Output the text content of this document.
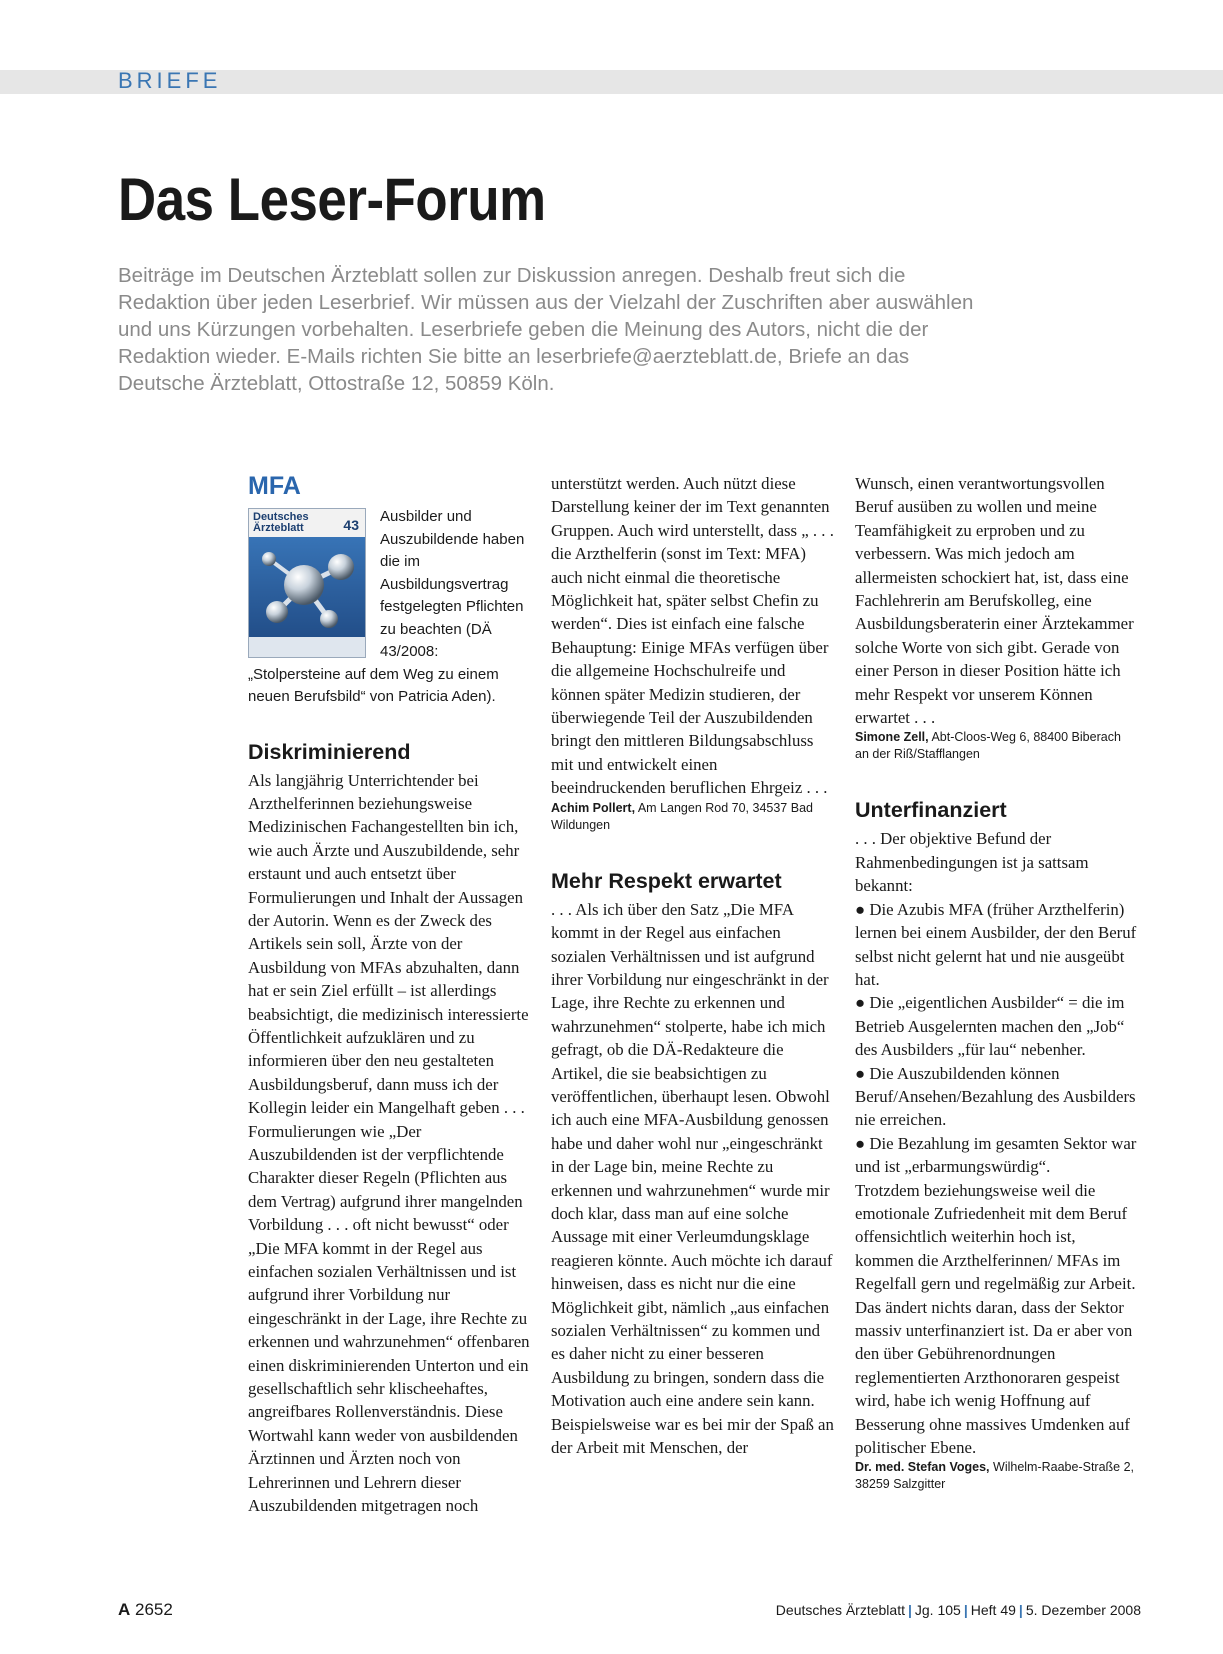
BRIEFE
Das Leser-Forum

Beiträge im Deutschen Ärzteblatt sollen zur Diskussion anregen. Deshalb freut sich die Redaktion über jeden Leserbrief. Wir müssen aus der Vielzahl der Zuschriften aber auswählen und uns Kürzungen vorbehalten. Leserbriefe geben die Meinung des Autors, nicht die der Redaktion wieder. E-Mails richten Sie bitte an leserbriefe@aerzteblatt.de, Briefe an das Deutsche Ärzteblatt, Ottostraße 12, 50859 Köln.

MFA
Deutsches Ärzteblatt	43	Ausbilder und Auszubildende haben die im Ausbildungsvertrag festgelegten Pflichten zu beachten (DÄ 43/2008: „Stolpersteine auf dem Weg zu einem neuen Berufsbild“ von Patricia Aden).

Diskriminierend

Als langjährig Unterrichtender bei Arzthelferinnen beziehungsweise Medizinischen Fachangestellten bin ich, wie auch Ärzte und Auszubildende, sehr erstaunt und auch entsetzt über Formulierungen und Inhalt der Aussagen der Autorin. Wenn es der Zweck des Artikels sein soll, Ärzte von der Ausbildung von MFAs abzuhalten, dann hat er sein Ziel erfüllt – ist allerdings beabsichtigt, die medizinisch interessierte Öffentlichkeit aufzuklären und zu informieren über den neu gestalteten Ausbildungsberuf, dann muss ich der Kollegin leider ein Mangelhaft geben . . . Formulierungen wie „Der Auszubildenden ist der verpflichtende Charakter dieser Regeln (Pflichten aus dem Vertrag) aufgrund ihrer mangelnden Vorbildung . . . oft nicht bewusst“ oder „Die MFA kommt in der Regel aus einfachen sozialen Verhältnissen und ist aufgrund ihrer Vorbildung nur eingeschränkt in der Lage, ihre Rechte zu erkennen und wahrzunehmen“ offenbaren einen diskriminierenden Unterton und ein gesellschaftlich sehr klischeehaftes, angreifbares Rollenverständnis. Diese Wortwahl kann weder von ausbildenden Ärztinnen und Ärzten noch von Lehrerinnen und Lehrern dieser Auszubildenden mitgetragen noch

unterstützt werden. Auch nützt diese Darstellung keiner der im Text genannten Gruppen. Auch wird unterstellt, dass „ . . . die Arzthelferin (sonst im Text: MFA) auch nicht einmal die theoretische Möglichkeit hat, später selbst Chefin zu werden“. Dies ist einfach eine falsche Behauptung: Einige MFAs verfügen über die allgemeine Hochschulreife und können später Medizin studieren, der überwiegende Teil der Auszubildenden bringt den mittleren Bildungsabschluss mit und entwickelt einen beeindruckenden beruflichen Ehrgeiz . . .

Achim Pollert, Am Langen Rod 70, 34537 Bad Wildungen

Mehr Respekt erwartet

. . . Als ich über den Satz „Die MFA kommt in der Regel aus einfachen sozialen Verhältnissen und ist aufgrund ihrer Vorbildung nur eingeschränkt in der Lage, ihre Rechte zu erkennen und wahrzunehmen“ stolperte, habe ich mich gefragt, ob die DÄ-Redakteure die Artikel, die sie beabsichtigen zu veröffentlichen, überhaupt lesen. Obwohl ich auch eine MFA-Ausbildung genossen habe und daher wohl nur „eingeschränkt in der Lage bin, meine Rechte zu erkennen und wahrzunehmen“ wurde mir doch klar, dass man auf eine solche Aussage mit einer Verleumdungsklage reagieren könnte. Auch möchte ich darauf hinweisen, dass es nicht nur die eine Möglichkeit gibt, nämlich „aus einfachen sozialen Verhältnissen“ zu kommen und es daher nicht zu einer besseren Ausbildung zu bringen, sondern dass die Motivation auch eine andere sein kann. Beispielsweise war es bei mir der Spaß an der Arbeit mit Menschen, der

Wunsch, einen verantwortungsvollen Beruf ausüben zu wollen und meine Teamfähigkeit zu erproben und zu verbessern. Was mich jedoch am allermeisten schockiert hat, ist, dass eine Fachlehrerin am Berufskolleg, eine Ausbildungsberaterin einer Ärztekammer solche Worte von sich gibt. Gerade von einer Person in dieser Position hätte ich mehr Respekt vor unserem Können erwartet . . .

Simone Zell, Abt-Cloos-Weg 6, 88400 Biberach an der Riß/Stafflangen

Unterfinanziert

. . . Der objektive Befund der Rahmenbedingungen ist ja sattsam bekannt:

● Die Azubis MFA (früher Arzthelferin) lernen bei einem Ausbilder, der den Beruf selbst nicht gelernt hat und nie ausgeübt hat.

● Die „eigentlichen Ausbilder“ = die im Betrieb Ausgelernten machen den „Job“ des Ausbilders „für lau“ nebenher.

● Die Auszubildenden können Beruf/Ansehen/Bezahlung des Ausbilders nie erreichen.

● Die Bezahlung im gesamten Sektor war und ist „erbarmungswürdig“.

Trotzdem beziehungsweise weil die emotionale Zufriedenheit mit dem Beruf offensichtlich weiterhin hoch ist, kommen die Arzthelferinnen/ MFAs im Regelfall gern und regelmäßig zur Arbeit. Das ändert nichts daran, dass der Sektor massiv unterfinanziert ist. Da er aber von den über Gebührenordnungen reglementierten Arzthonoraren gespeist wird, habe ich wenig Hoffnung auf Besserung ohne massives Umdenken auf politischer Ebene.

Dr. med. Stefan Voges, Wilhelm-Raabe-Straße 2, 38259 Salzgitter

A 2652	Deutsches Ärzteblatt | Jg. 105 | Heft 49 | 5. Dezember 2008
